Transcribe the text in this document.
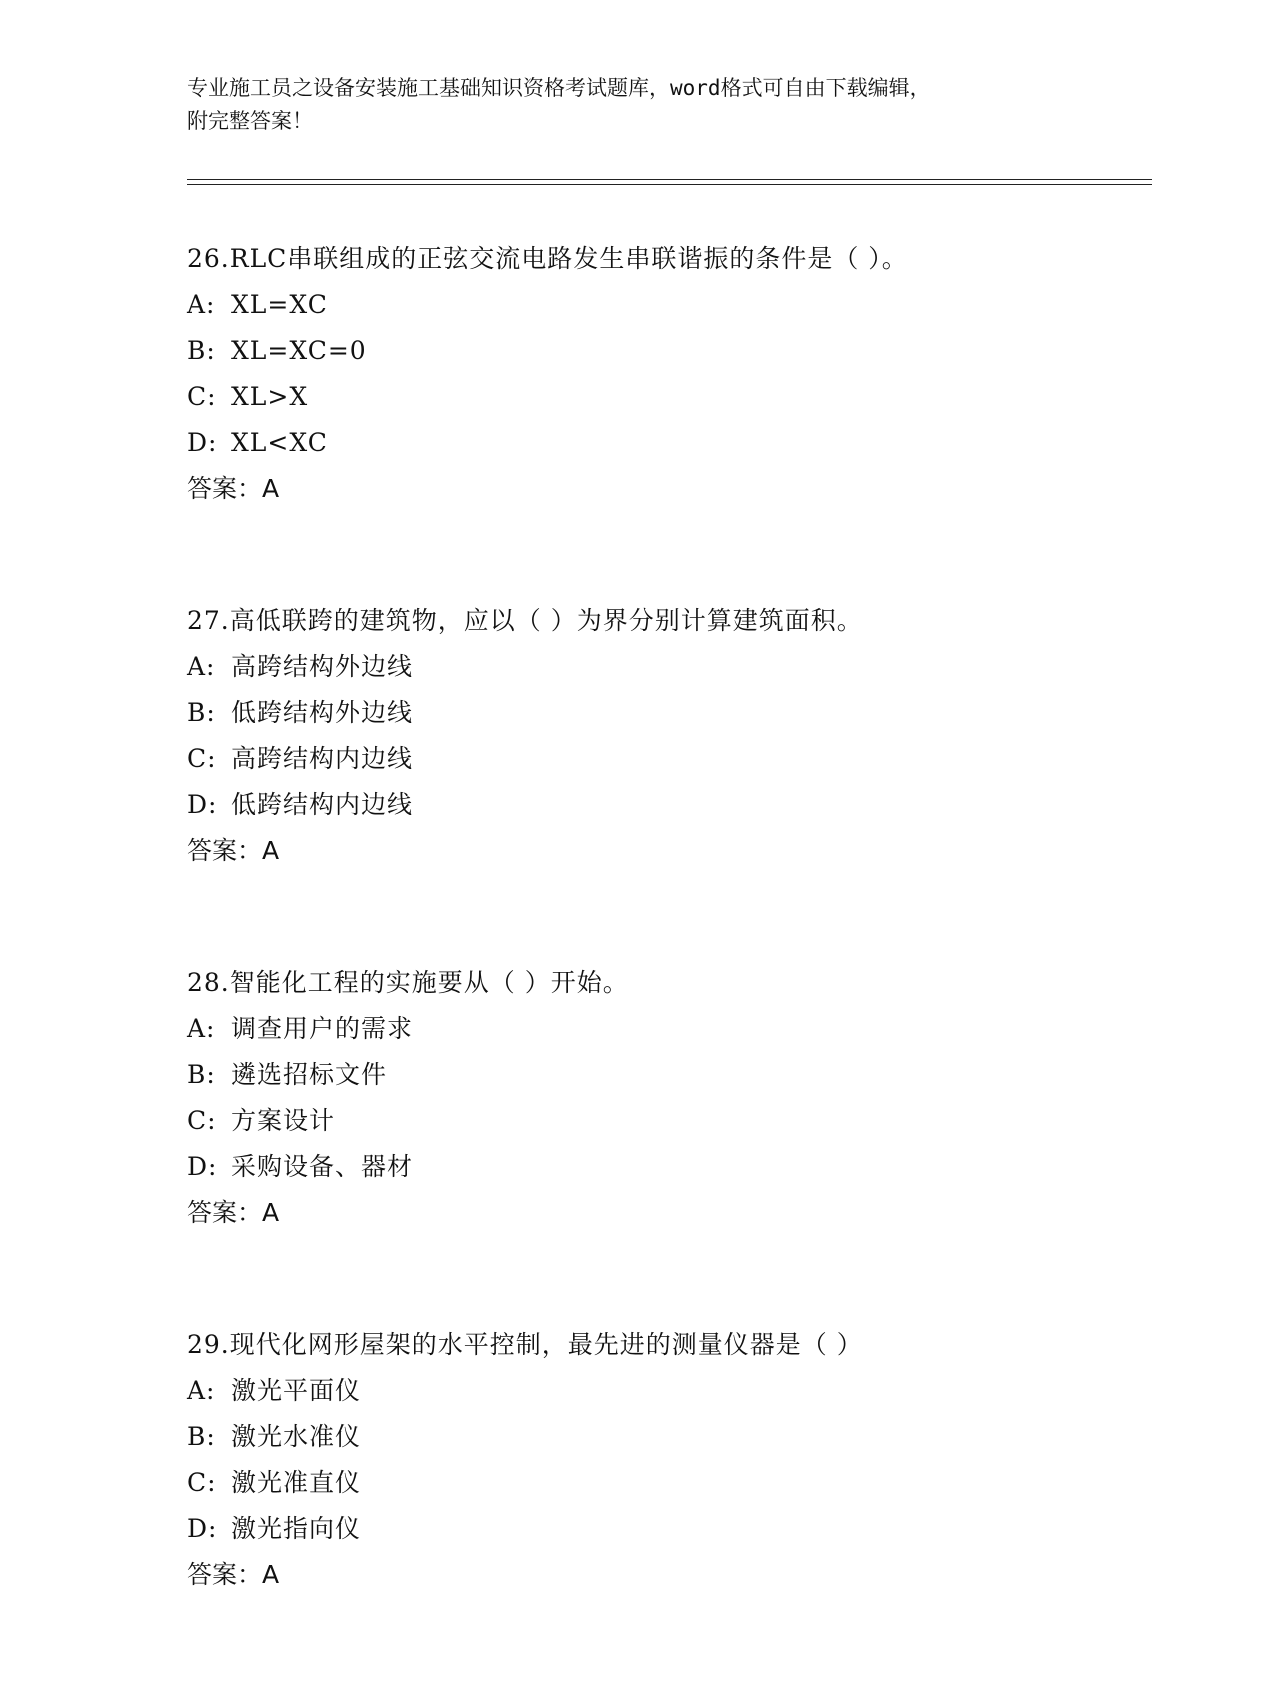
专业施工员之设备安装施工基础知识资格考试题库，word格式可自由下载编辑，
附完整答案！
26.RLC串联组成的正弦交流电路发生串联谐振的条件是（ ）。
A: XL=XC
B: XL=XC=0
C: XL>X
D: XL<XC
答案：A
27.高低联跨的建筑物，应以（ ）为界分别计算建筑面积。
A: 高跨结构外边线
B: 低跨结构外边线
C: 高跨结构内边线
D: 低跨结构内边线
答案：A
28.智能化工程的实施要从（ ）开始。
A: 调查用户的需求
B: 遴选招标文件
C: 方案设计
D: 采购设备、器材
答案：A
29.现代化网形屋架的水平控制，最先进的测量仪器是（ ）
A: 激光平面仪
B: 激光水准仪
C: 激光准直仪
D: 激光指向仪
答案：A
